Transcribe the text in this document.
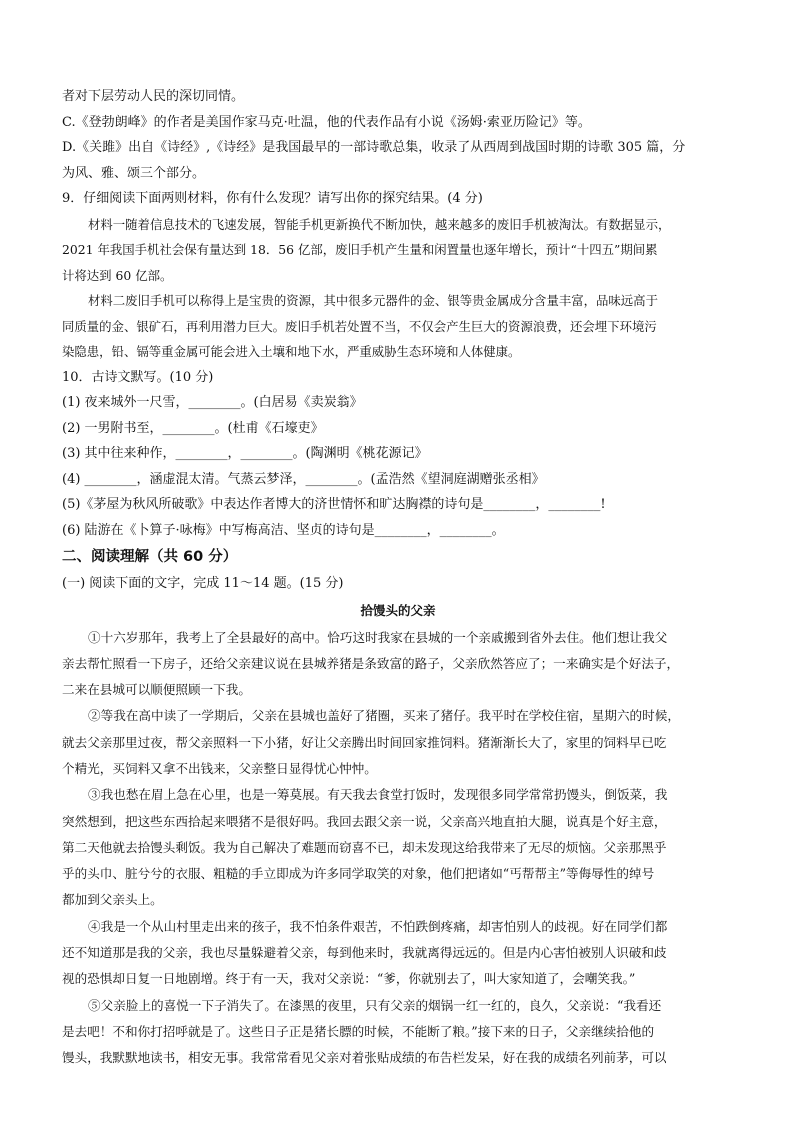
者对下层劳动人民的深切同情。
C.《登勃朗峰》的作者是美国作家马克·吐温，他的代表作品有小说《汤姆·索亚历险记》等。
D.《关雎》出自《诗经》,《诗经》是我国最早的一部诗歌总集，收录了从西周到战国时期的诗歌 305 篇，分
为风、雅、颂三个部分。
9．仔细阅读下面两则材料，你有什么发现？请写出你的探究结果。(4 分)
材料一随着信息技术的飞速发展，智能手机更新换代不断加快，越来越多的废旧手机被淘汰。有数据显示，
2021 年我国手机社会保有量达到 18．56 亿部，废旧手机产生量和闲置量也逐年增长，预计“十四五”期间累
计将达到 60 亿部。
材料二废旧手机可以称得上是宝贵的资源，其中很多元器件的金、银等贵金属成分含量丰富，品味远高于
同质量的金、银矿石，再利用潜力巨大。废旧手机若处置不当，不仅会产生巨大的资源浪费，还会埋下环境污
染隐患，铅、镉等重金属可能会进入土壤和地下水，严重威胁生态环境和人体健康。
10．古诗文默写。(10 分)
(1) 夜来城外一尺雪，________。(白居易《卖炭翁》
(2) 一男附书至，________。(杜甫《石壕吏》
(3) 其中往来种作，________，________。(陶渊明《桃花源记》
(4) ________，涵虚混太清。气蒸云梦泽，________。(孟浩然《望洞庭湖赠张丞相》
(5)《茅屋为秋风所破歌》中表达作者博大的济世情怀和旷达胸襟的诗句是________，________!
(6) 陆游在《卜算子·咏梅》中写梅高洁、坚贞的诗句是________，________。
二、阅读理解（共 60 分）
(一) 阅读下面的文字，完成 11～14 题。(15 分)
拾馒头的父亲
①十六岁那年，我考上了全县最好的高中。恰巧这时我家在县城的一个亲戚搬到省外去住。他们想让我父
亲去帮忙照看一下房子，还给父亲建议说在县城养猪是条致富的路子，父亲欣然答应了；一来确实是个好法子，
二来在县城可以顺便照顾一下我。
②等我在高中读了一学期后，父亲在县城也盖好了猪圈，买来了猪仔。我平时在学校住宿，星期六的时候，
就去父亲那里过夜，帮父亲照料一下小猪，好让父亲腾出时间回家推饲料。猪渐渐长大了，家里的饲料早已吃
个精光，买饲料又拿不出钱来，父亲整日显得忧心忡忡。
③我也愁在眉上急在心里，也是一筹莫展。有天我去食堂打饭时，发现很多同学常常扔馒头，倒饭菜，我
突然想到，把这些东西拾起来喂猪不是很好吗。我回去跟父亲一说，父亲高兴地直拍大腿，说真是个好主意，
第二天他就去拾馒头剩饭。我为自己解决了难题而窃喜不已，却未发现这给我带来了无尽的烦恼。父亲那黑乎
乎的头巾、脏兮兮的衣服、粗糙的手立即成为许多同学取笑的对象，他们把诸如“丐帮帮主”等侮辱性的绰号
都加到父亲头上。
④我是一个从山村里走出来的孩子，我不怕条件艰苦，不怕跌倒疼痛，却害怕别人的歧视。好在同学们都
还不知道那是我的父亲，我也尽量躲避着父亲，每到他来时，我就离得远远的。但是内心害怕被别人识破和歧
视的恐惧却日复一日地剧增。终于有一天，我对父亲说：“爹，你就别去了，叫大家知道了，会嘲笑我。”
⑤父亲脸上的喜悦一下子消失了。在漆黑的夜里，只有父亲的烟锅一红一红的，良久，父亲说：“我看还
是去吧！不和你打招呼就是了。这些日子正是猪长膘的时候，不能断了粮。”接下来的日子，父亲继续拾他的
馒头，我默默地读书，相安无事。我常常看见父亲对着张贴成绩的布告栏发呆，好在我的成绩名列前茅，可以
